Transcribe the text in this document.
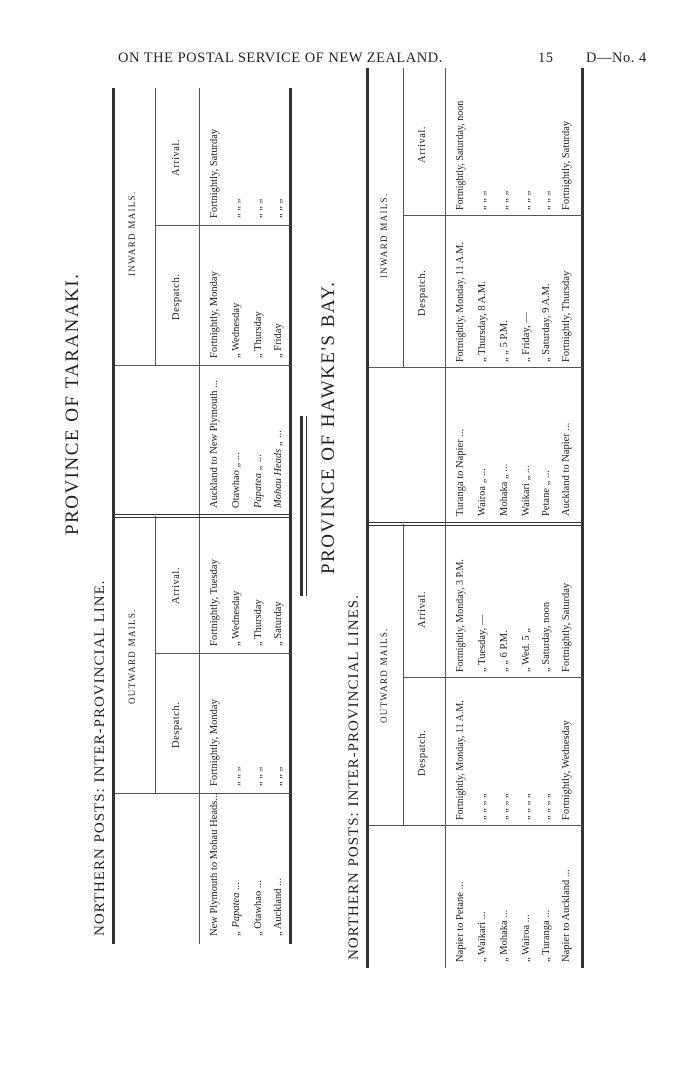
ON THE POSTAL SERVICE OF NEW ZEALAND.	15 D—No. 4
PROVINCE OF TARANAKI.
NORTHERN POSTS: INTER-PROVINCIAL LINE. OUTWARD MAILS.
INWARD MAILS.
Despatch.
Arrival.
Despatch.
Arrival.
New Plymouth to Mohau Heads...
Fortnightly, Monday
Fortnightly, Tuesday
„ Papatea ...
„ „ „
„ Wednesday
„ Otawhao ...
„ „ „
„ Thursday
„ Auckland ...
„ „ „
„ Saturday
Auckland to New Plymouth ...
Fortnightly, Monday
Fortnightly, Saturday
Otawhao „ ...
„ Wednesday
„ „ „
Papatea „ ...
„ Thursday
„ „ „
Mohau Heads „ ...
„ Friday
„ „ „
PROVINCE OF HAWKE'S BAY.
NORTHERN POSTS: INTER-PROVINCIAL LINES. OUTWARD MAILS.
INWARD MAILS.
Despatch.
Arrival.
Despatch.
Arrival.
Napier to Petane ...
Fortnightly, Monday, 11 A.M.
Fortnightly, Monday, 3 P.M.
„ Waikari ...
„ „ „ „
„ Tuesday, —
„ Mohaka ...
„ „ „ „
„ „ 6 P.M.
„ Wairoa ...
„ „ „ „
„ Wed. 5 „
„ Turanga ...
„ „ „ „
„ Saturday, noon
Napier to Auckland ...
Fortnightly, Wednesday
Fortnightly, Saturday
Turanga to Napier ...
Fortnightly, Monday, 11 A.M.
Fortnightly, Saturday, noon
Wairoa „ ...
„ Thursday, 8 A.M.
„ „ „
Mohaka „ ...
„ „ 5 P.M.
„ „ „
Waikari „ ...
„ Friday, —
„ „ „
Petane „ ...
„ Saturday, 9 A.M.
„ „ „
Auckland to Napier ...
Fortnightly, Thursday
Fortnightly, Saturday
